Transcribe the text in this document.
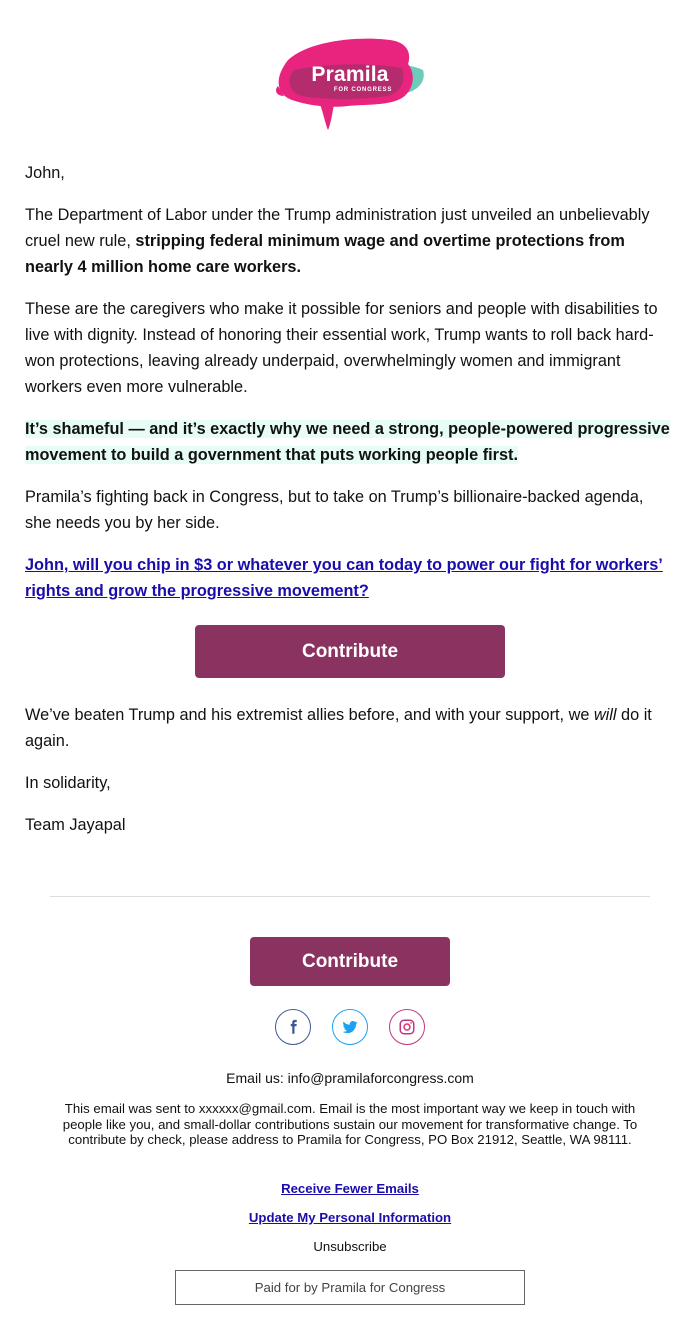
Pramila
FOR CONGRESS

John,

The Department of Labor under the Trump administration just unveiled an unbelievably cruel new rule, stripping federal minimum wage and overtime protections from nearly 4 million home care workers.

These are the caregivers who make it possible for seniors and people with disabilities to live with dignity. Instead of honoring their essential work, Trump wants to roll back hard-won protections, leaving already underpaid, overwhelmingly women and immigrant workers even more vulnerable.

It’s shameful — and it’s exactly why we need a strong, people-powered progressive movement to build a government that puts working people first.

Pramila’s fighting back in Congress, but to take on Trump’s billionaire-backed agenda, she needs you by her side.

John, will you chip in $3 or whatever you can today to power our fight for workers’ rights and grow the progressive movement?

Contribute

We’ve beaten Trump and his extremist allies before, and with your support, we will do it again.

In solidarity,

Team Jayapal

Contribute
Email us: info@pramilaforcongress.com
This email was sent to xxxxxx@gmail.com. Email is the most important way we keep in touch with people like you, and small-dollar contributions sustain our movement for transformative change. To contribute by check, please address to Pramila for Congress, PO Box 21912, Seattle, WA 98111.
Receive Fewer Emails
Update My Personal Information
Unsubscribe
Paid for by Pramila for Congress
